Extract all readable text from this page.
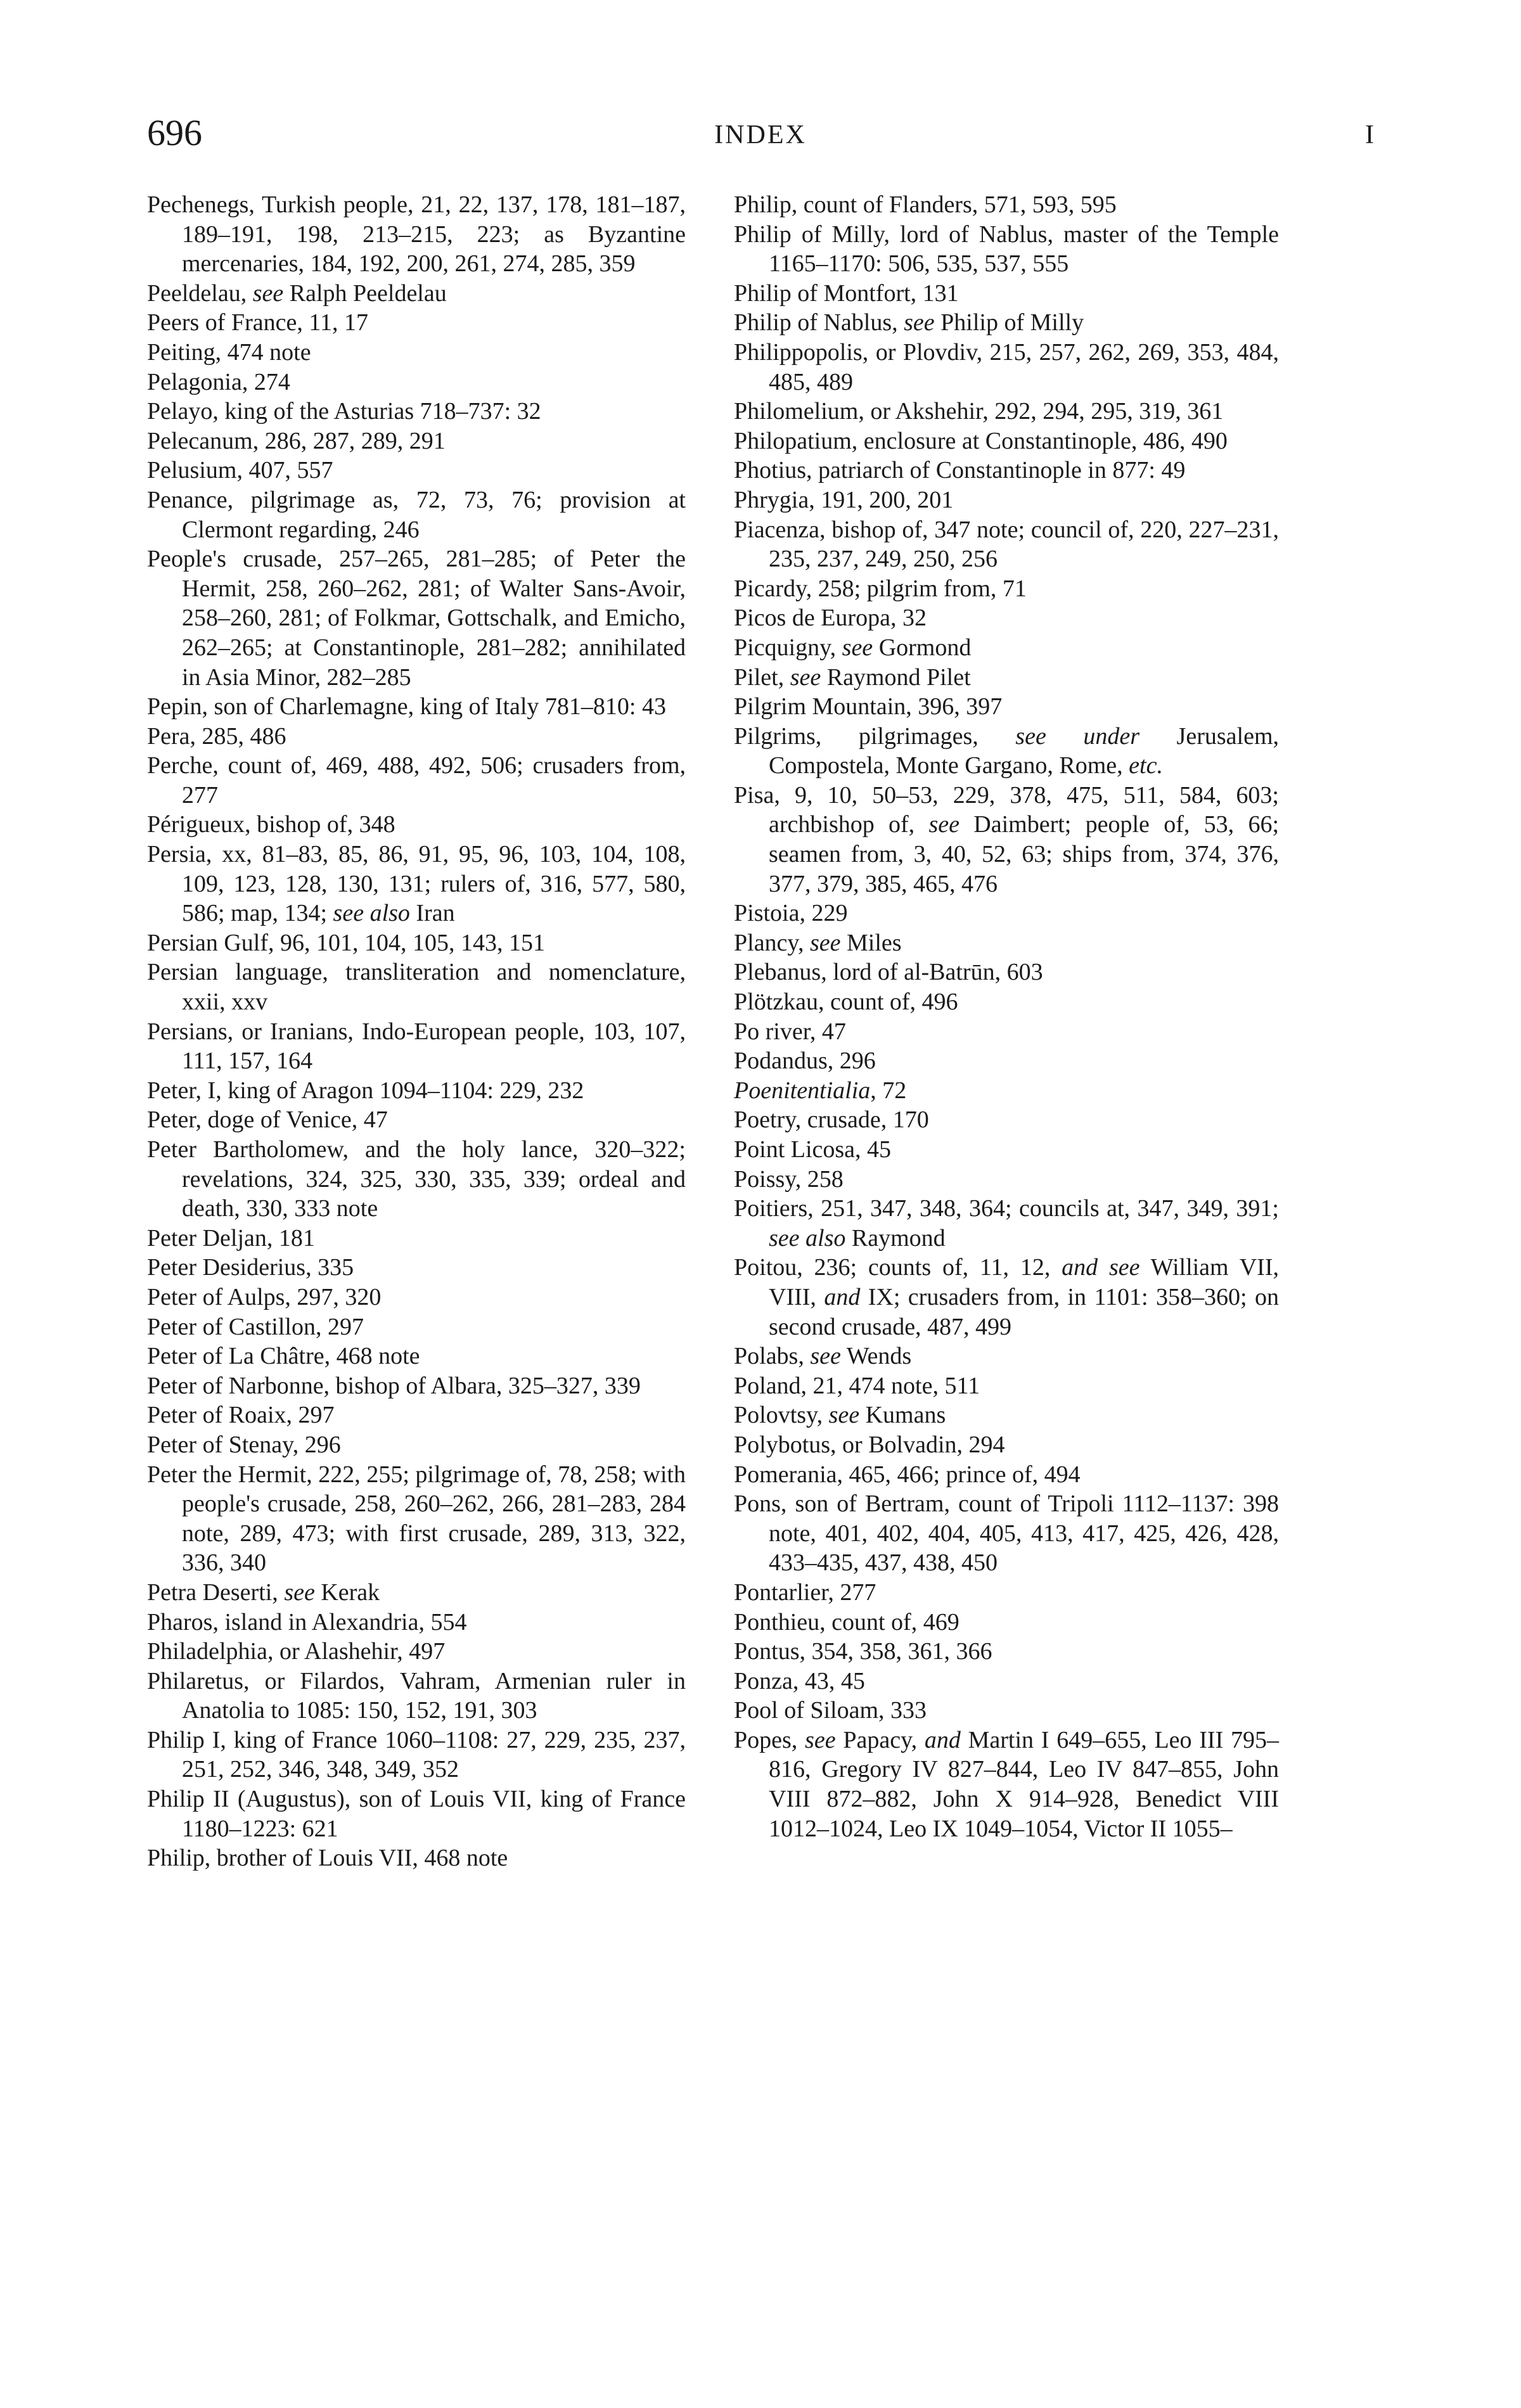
696	INDEX	I

Pechenegs, Turkish people, 21, 22, 137, 178, 181–187, 189–191, 198, 213–215, 223; as Byzantine mercenaries, 184, 192, 200, 261, 274, 285, 359

Peeldelau, see Ralph Peeldelau

Peers of France, 11, 17

Peiting, 474 note

Pelagonia, 274

Pelayo, king of the Asturias 718–737: 32

Pelecanum, 286, 287, 289, 291

Pelusium, 407, 557

Penance, pilgrimage as, 72, 73, 76; provision at Clermont regarding, 246

People's crusade, 257–265, 281–285; of Peter the Hermit, 258, 260–262, 281; of Walter Sans-Avoir, 258–260, 281; of Folkmar, Gottschalk, and Emicho, 262–265; at Constantinople, 281–282; annihilated in Asia Minor, 282–285

Pepin, son of Charlemagne, king of Italy 781–810: 43

Pera, 285, 486

Perche, count of, 469, 488, 492, 506; crusaders from, 277

Périgueux, bishop of, 348

Persia, xx, 81–83, 85, 86, 91, 95, 96, 103, 104, 108, 109, 123, 128, 130, 131; rulers of, 316, 577, 580, 586; map, 134; see also Iran

Persian Gulf, 96, 101, 104, 105, 143, 151

Persian language, transliteration and nomenclature, xxii, xxv

Persians, or Iranians, Indo-European people, 103, 107, 111, 157, 164

Peter, I, king of Aragon 1094–1104: 229, 232

Peter, doge of Venice, 47

Peter Bartholomew, and the holy lance, 320–322; revelations, 324, 325, 330, 335, 339; ordeal and death, 330, 333 note

Peter Deljan, 181

Peter Desiderius, 335

Peter of Aulps, 297, 320

Peter of Castillon, 297

Peter of La Châtre, 468 note

Peter of Narbonne, bishop of Albara, 325–327, 339

Peter of Roaix, 297

Peter of Stenay, 296

Peter the Hermit, 222, 255; pilgrimage of, 78, 258; with people's crusade, 258, 260–262, 266, 281–283, 284 note, 289, 473; with first crusade, 289, 313, 322, 336, 340

Petra Deserti, see Kerak

Pharos, island in Alexandria, 554

Philadelphia, or Alashehir, 497

Philaretus, or Filardos, Vahram, Armenian ruler in Anatolia to 1085: 150, 152, 191, 303

Philip I, king of France 1060–1108: 27, 229, 235, 237, 251, 252, 346, 348, 349, 352

Philip II (Augustus), son of Louis VII, king of France 1180–1223: 621

Philip, brother of Louis VII, 468 note

Philip, count of Flanders, 571, 593, 595

Philip of Milly, lord of Nablus, master of the Temple 1165–1170: 506, 535, 537, 555

Philip of Montfort, 131

Philip of Nablus, see Philip of Milly

Philippopolis, or Plovdiv, 215, 257, 262, 269, 353, 484, 485, 489

Philomelium, or Akshehir, 292, 294, 295, 319, 361

Philopatium, enclosure at Constantinople, 486, 490

Photius, patriarch of Constantinople in 877: 49

Phrygia, 191, 200, 201

Piacenza, bishop of, 347 note; council of, 220, 227–231, 235, 237, 249, 250, 256

Picardy, 258; pilgrim from, 71

Picos de Europa, 32

Picquigny, see Gormond

Pilet, see Raymond Pilet

Pilgrim Mountain, 396, 397

Pilgrims, pilgrimages, see under Jerusalem, Compostela, Monte Gargano, Rome, etc.

Pisa, 9, 10, 50–53, 229, 378, 475, 511, 584, 603; archbishop of, see Daimbert; people of, 53, 66; seamen from, 3, 40, 52, 63; ships from, 374, 376, 377, 379, 385, 465, 476

Pistoia, 229

Plancy, see Miles

Plebanus, lord of al-Batrūn, 603

Plötzkau, count of, 496

Po river, 47

Podandus, 296

Poenitentialia, 72

Poetry, crusade, 170

Point Licosa, 45

Poissy, 258

Poitiers, 251, 347, 348, 364; councils at, 347, 349, 391; see also Raymond

Poitou, 236; counts of, 11, 12, and see William VII, VIII, and IX; crusaders from, in 1101: 358–360; on second crusade, 487, 499

Polabs, see Wends

Poland, 21, 474 note, 511

Polovtsy, see Kumans

Polybotus, or Bolvadin, 294

Pomerania, 465, 466; prince of, 494

Pons, son of Bertram, count of Tripoli 1112–1137: 398 note, 401, 402, 404, 405, 413, 417, 425, 426, 428, 433–435, 437, 438, 450

Pontarlier, 277

Ponthieu, count of, 469

Pontus, 354, 358, 361, 366

Ponza, 43, 45

Pool of Siloam, 333

Popes, see Papacy, and Martin I 649–655, Leo III 795–816, Gregory IV 827–844, Leo IV 847–855, John VIII 872–882, John X 914–928, Benedict VIII 1012–1024, Leo IX 1049–1054, Victor II 1055–
